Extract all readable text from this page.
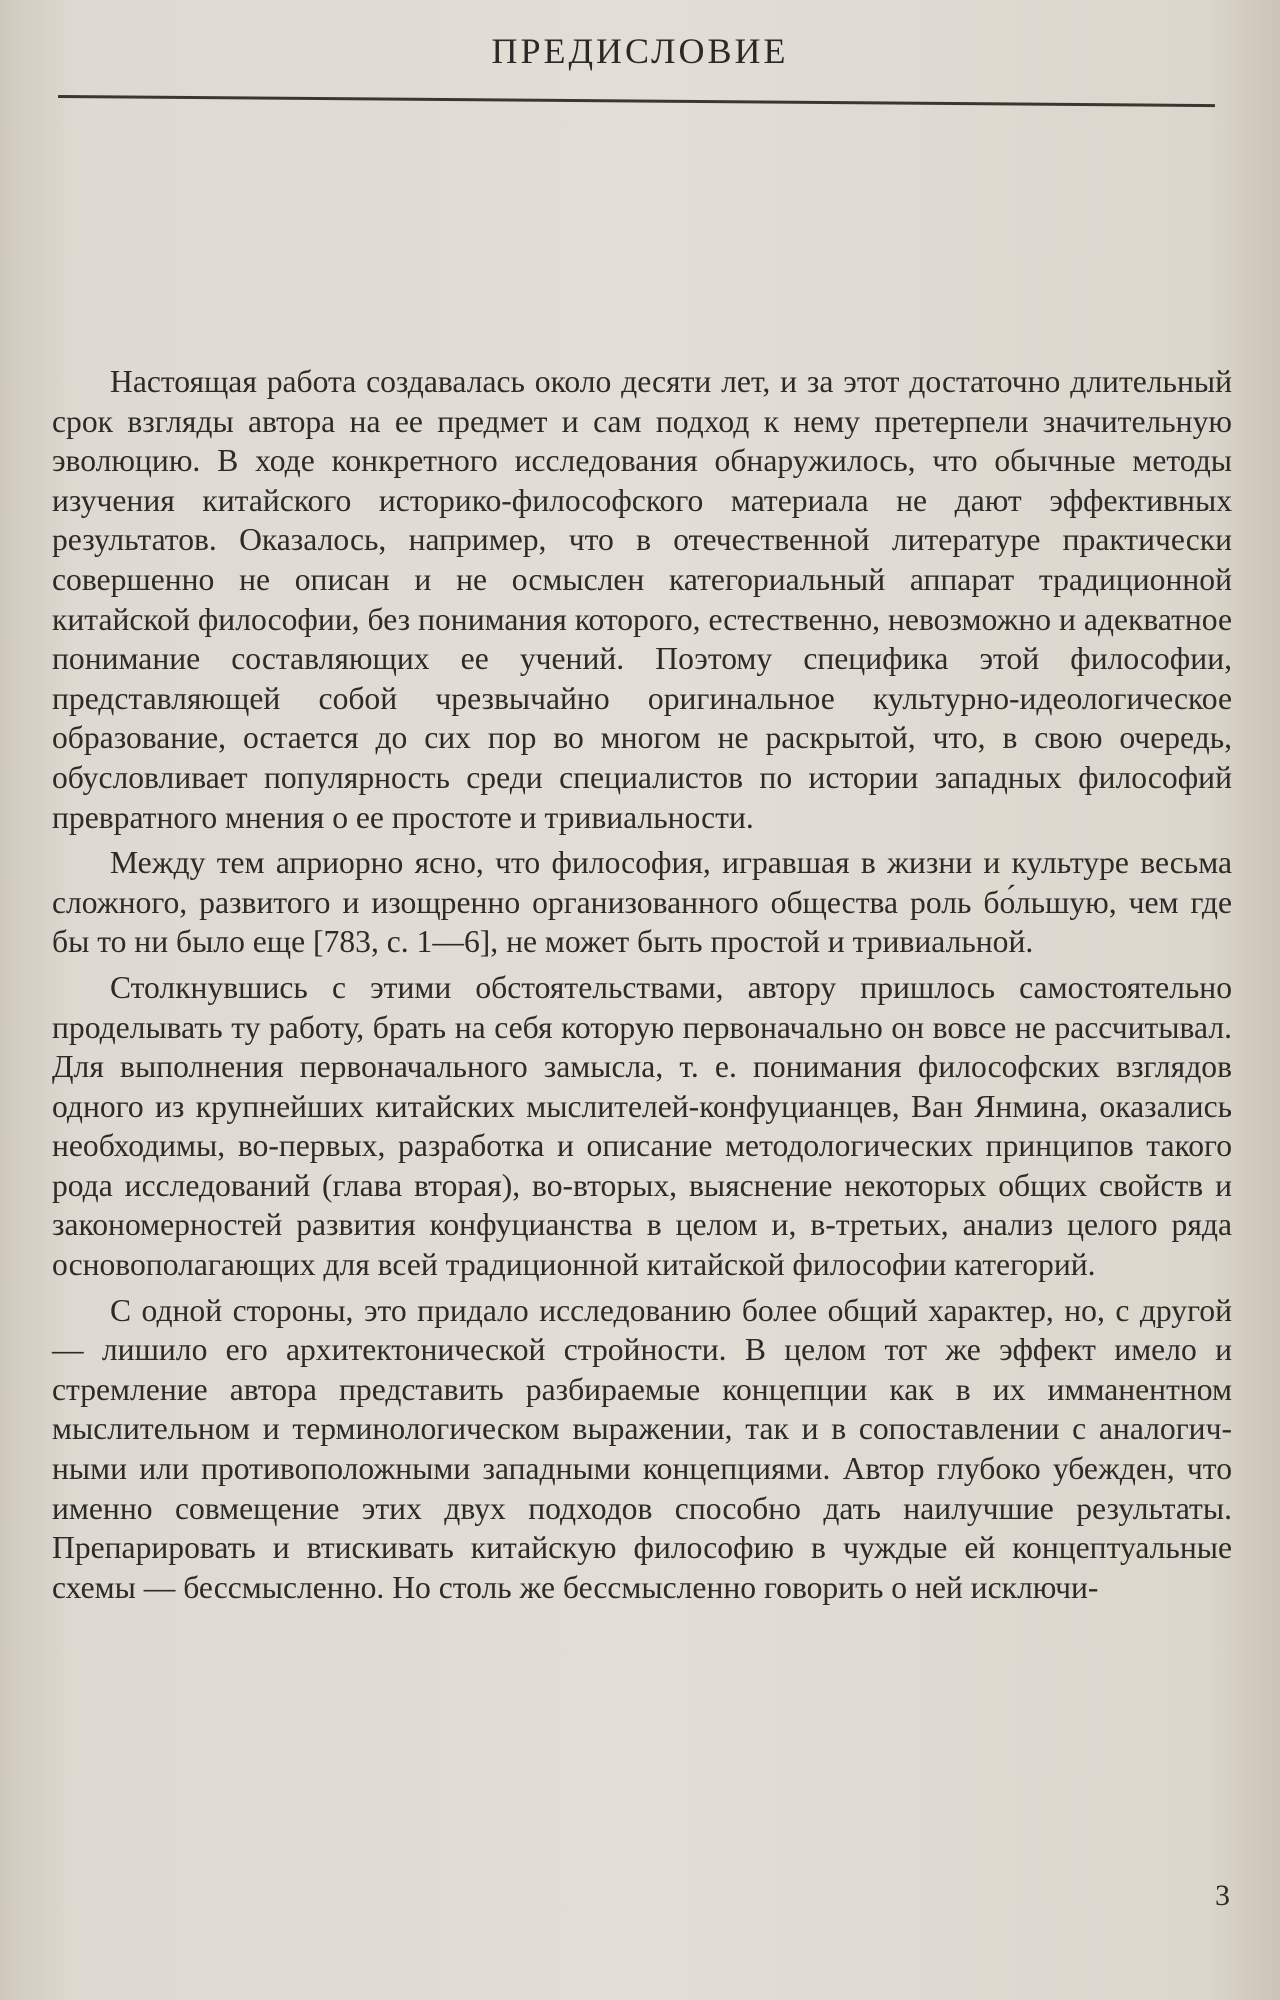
ПРЕДИСЛОВИЕ

Настоящая работа создавалась около десяти лет, и за этот достаточно длительный срок взгляды автора на ее предмет и сам подход к нему претерпели значительную эволюцию. В ходе конкретного исследования обнаружилось, что обычные методы изучения китайского историко-философского материала не дают эффективных результатов. Оказалось, например, что в отечественной литературе практически совершенно не описан и не осмыслен категориальный аппарат традиционной китайской философии, без понимания которого, естественно, невозможно и адекватное понимание составляющих ее учений. Поэтому специфика этой философии, представляющей собой чрезвычайно оригинальное культурно-идеологическое образование, остается до сих пор во многом не раскрытой, что, в свою очередь, обусловливает популярность среди специалистов по истории западных философий превратного мнения о ее простоте и тривиальности.

Между тем априорно ясно, что философия, игравшая в жизни и культуре весьма сложного, развитого и изощренно организованного общества роль бо́льшую, чем где бы то ни было еще [783, с. 1—6], не может быть простой и тривиальной.

Столкнувшись с этими обстоятельствами, автору пришлось самостоятельно проделывать ту работу, брать на себя которую первоначально он вовсе не рассчитывал. Для выполнения первоначального замысла, т. е. понимания философских взглядов одного из крупнейших китайских мыслителей-конфуцианцев, Ван Янмина, оказались необходимы, во-первых, разработка и описание методологических принципов такого рода исследований (глава вторая), во-вторых, выяснение некоторых общих свойств и закономерностей развития конфуцианства в целом и, в-третьих, анализ целого ряда основополагающих для всей традиционной китайской философии категорий.

С одной стороны, это придало исследованию более общий характер, но, с другой — лишило его архитектонической стройности. В целом тот же эффект имело и стремление автора представить разбираемые концепции как в их имманентном мыслительном и терминологическом выражении, так и в сопоставлении с аналогичными или противоположными западными концепциями. Автор глубоко убежден, что именно совмещение этих двух подходов способно дать наилучшие результаты. Препарировать и втискивать китайскую философию в чуждые ей концептуальные схемы — бессмысленно. Но столь же бессмысленно говорить о ней исключи-

3
